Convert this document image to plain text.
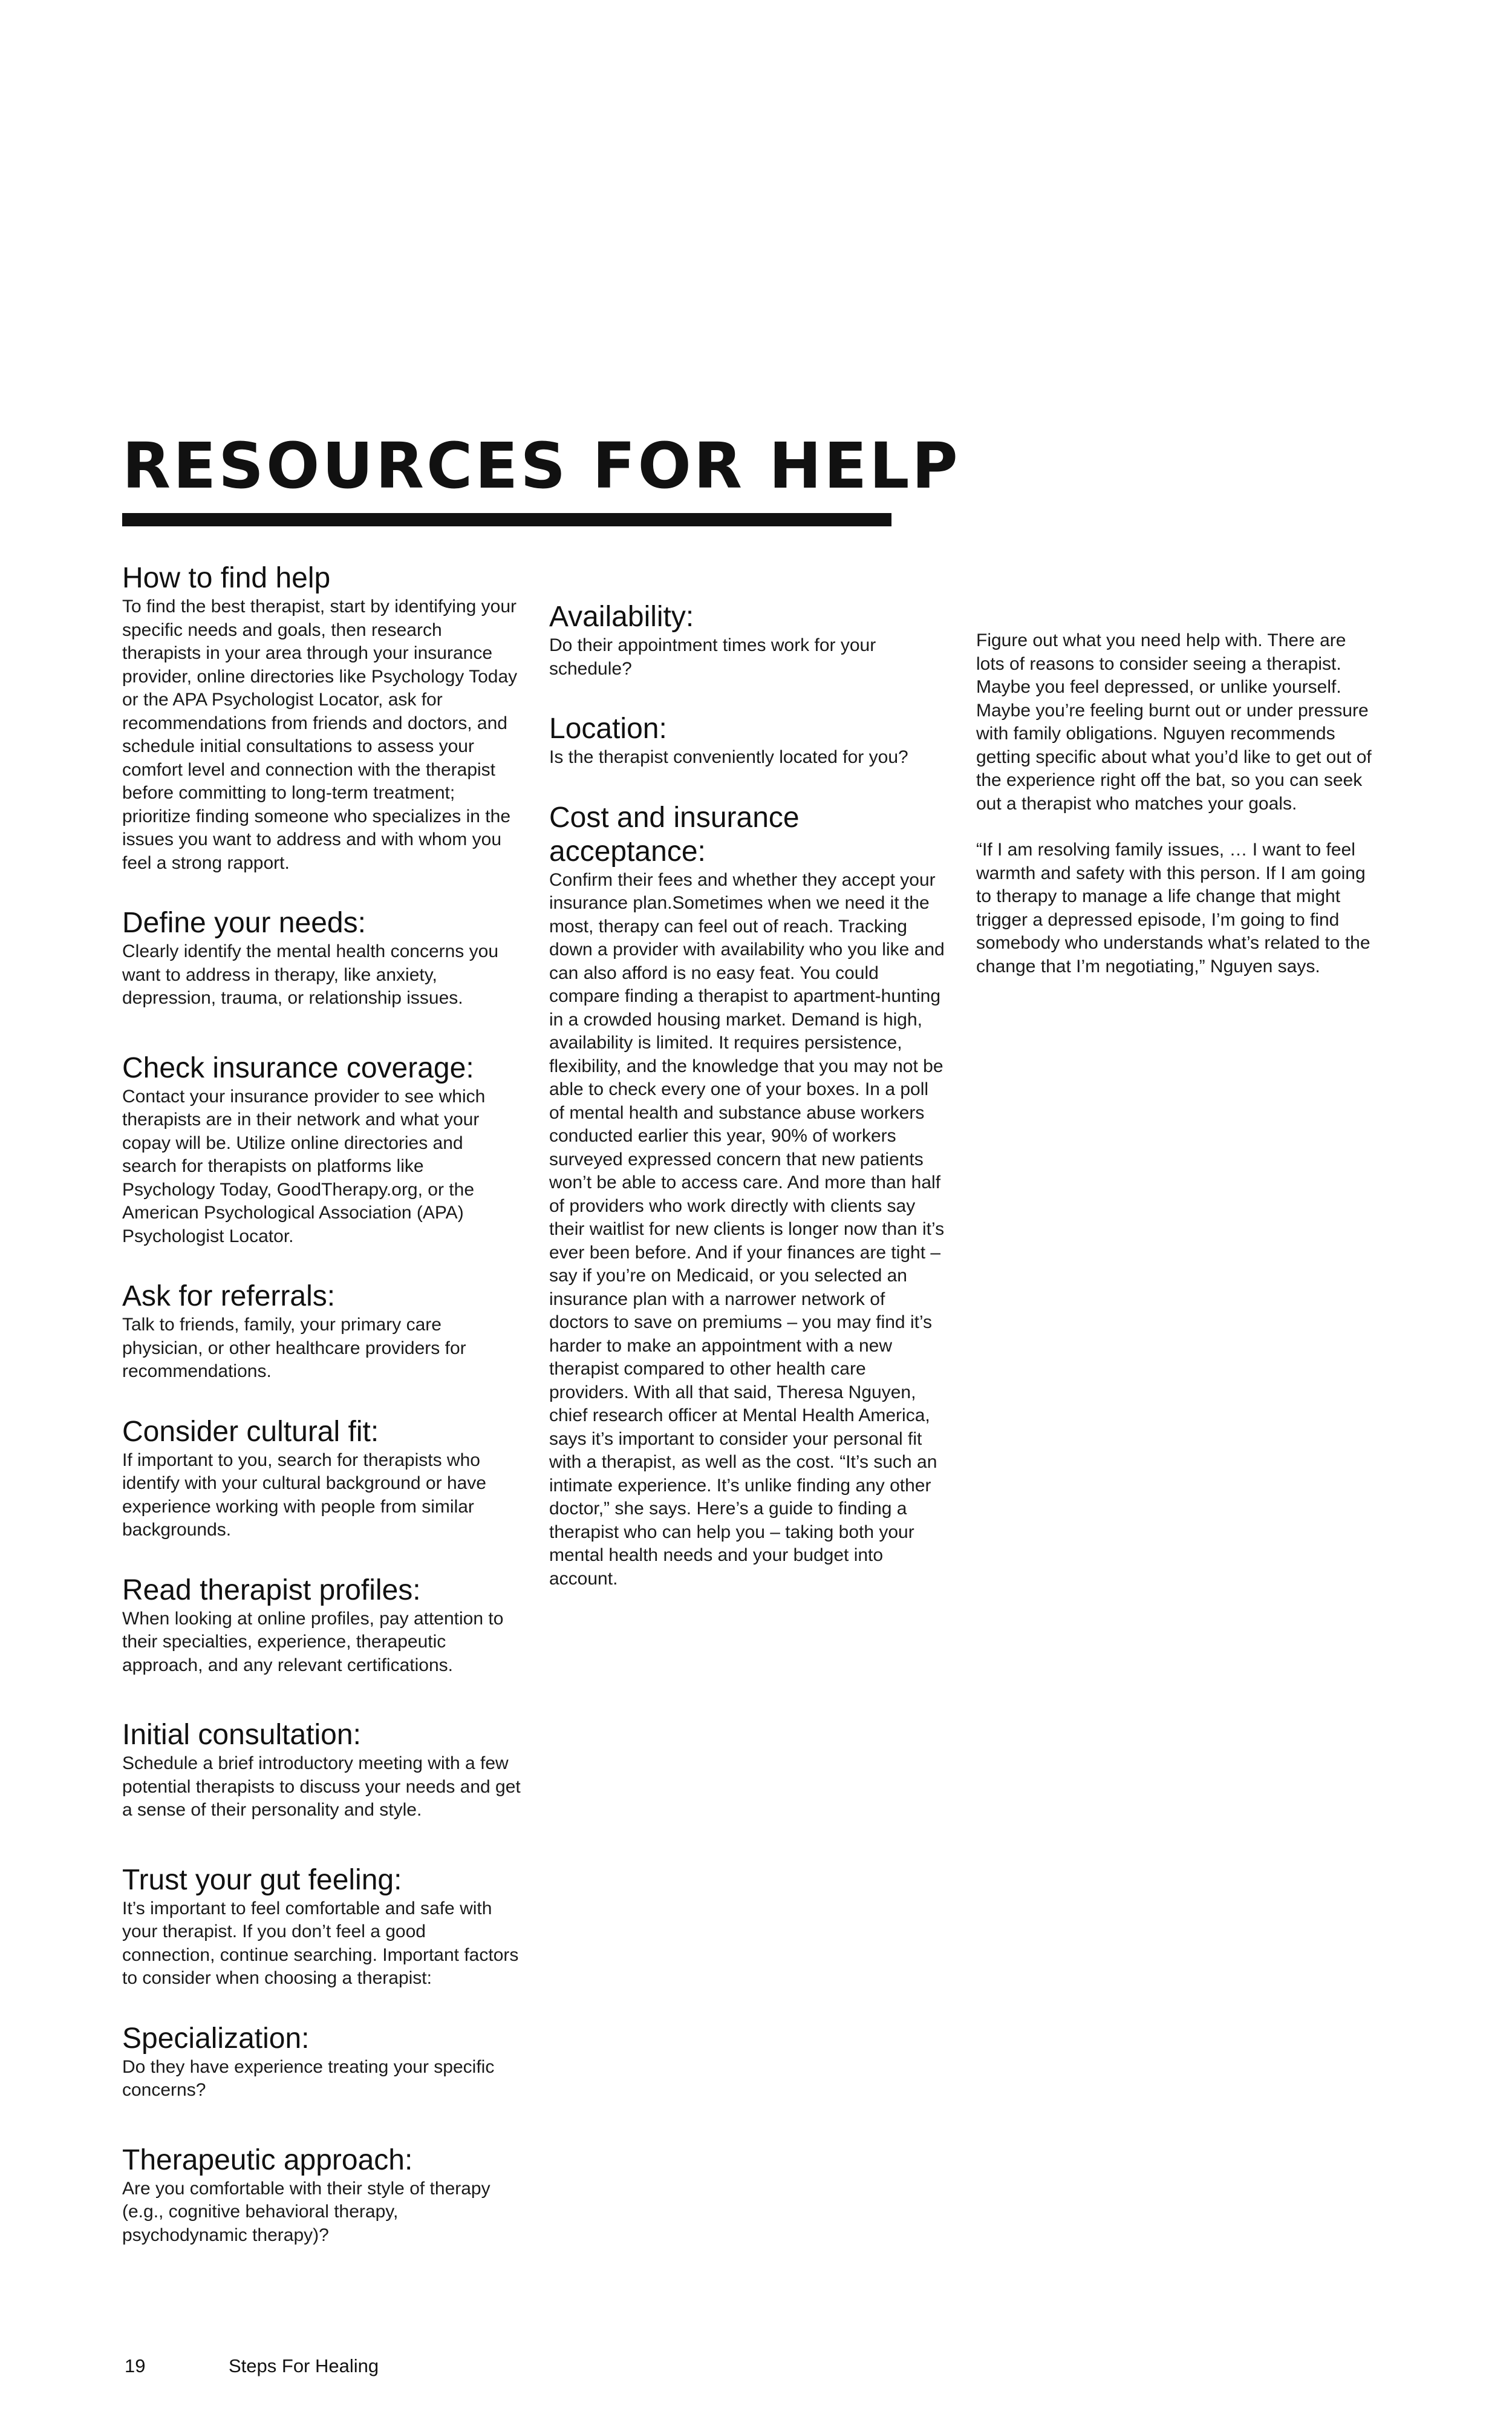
RESOURCES FOR HELP
How to find help

To find the best therapist, start by identifying your specific needs and goals, then research therapists in your area through your insurance provider, online directories like Psychology Today or the APA Psychologist Locator, ask for recommendations from friends and doctors, and schedule initial consultations to assess your comfort level and connection with the therapist before committing to long-term treatment; prioritize finding someone who specializes in the issues you want to address and with whom you feel a strong rapport.

Define your needs:

Clearly identify the mental health concerns you want to address in therapy, like anxiety, depression, trauma, or relationship issues.

Check insurance coverage:

Contact your insurance provider to see which therapists are in their network and what your copay will be. Utilize online directories and search for therapists on platforms like Psychology Today, GoodTherapy.org, or the American Psychological Association (APA) Psychologist Locator.

Ask for referrals:

Talk to friends, family, your primary care physician, or other healthcare providers for recommendations.

Consider cultural fit:

If important to you, search for therapists who identify with your cultural background or have experience working with people from similar backgrounds.

Read therapist profiles:

When looking at online profiles, pay attention to their specialties, experience, therapeutic approach, and any relevant certifications.

Initial consultation:

Schedule a brief introductory meeting with a few potential therapists to discuss your needs and get a sense of their personality and style.

Trust your gut feeling:

It’s important to feel comfortable and safe with your therapist. If you don’t feel a good connection, continue searching. Important factors to consider when choosing a therapist:

Specialization:

Do they have experience treating your specific concerns?

Therapeutic approach:

Are you comfortable with their style of therapy (e.g., cognitive behavioral therapy, psychodynamic therapy)?

Availability:

Do their appointment times work for your schedule?

Location:

Is the therapist conveniently located for you?

Cost and insurance acceptance:

Confirm their fees and whether they accept your insurance plan.Sometimes when we need it the most, therapy can feel out of reach. Tracking down a provider with availability who you like and can also afford is no easy feat. You could compare finding a therapist to apartment-hunting in a crowded housing market. Demand is high, availability is limited. It requires persistence, flexibility, and the knowledge that you may not be able to check every one of your boxes. In a poll of mental health and substance abuse workers conducted earlier this year, 90% of workers surveyed expressed concern that new patients won’t be able to access care. And more than half of providers who work directly with clients say their waitlist for new clients is longer now than it’s ever been before. And if your finances are tight – say if you’re on Medicaid, or you selected an insurance plan with a narrower network of doctors to save on premiums – you may find it’s harder to make an appointment with a new therapist compared to other health care providers. With all that said, Theresa Nguyen, chief research officer at Mental Health America, says it’s important to consider your personal fit with a therapist, as well as the cost. “It’s such an intimate experience. It’s unlike finding any other doctor,” she says. Here’s a guide to finding a therapist who can help you – taking both your mental health needs and your budget into account.

Figure out what you need help with. There are lots of reasons to consider seeing a therapist. Maybe you feel depressed, or unlike yourself. Maybe you’re feeling burnt out or under pressure with family obligations. Nguyen recommends getting specific about what you’d like to get out of the experience right off the bat, so you can seek out a therapist who matches your goals.

“If I am resolving family issues, … I want to feel warmth and safety with this person. If I am going to therapy to manage a life change that might trigger a depressed episode, I’m going to find somebody who understands what’s related to the change that I’m negotiating,” Nguyen says.

19	Steps For Healing
